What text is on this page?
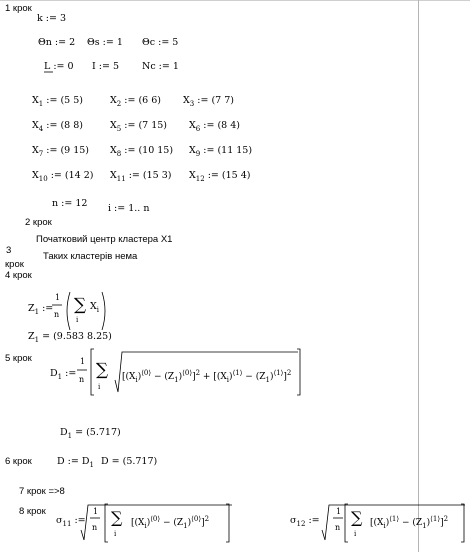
1 крок
2 крок
3
крок
4 крок
5 крок
6 крок
7 крок =>8
8 крок
k := 3
Θn := 2 Θs := 1 Θc := 5
L := 0 I := 5 Nc := 1
$X_1$ := (5 5)	$X_2$ := (6 6) $X_3$ := (7 7)
$X_4$ := (8 8)	$X_5$ := (7 15) $X_6$ := (8 4)
$X_7$ := (9 15) $X_8$ := (10 15) $X_9$ := (11 15)
$X_{10}$ := (14 2) $X_{11}$ := (15 3) $X_{12}$ := (15 4)
n := 12 i := 1.. n
Початковий центр кластера Х1
Таких кластерів нема
$Z_1$ :=
1
n ∑
i
$X_i$
$Z_1 = (9.583$ 8.25)
$D_1$ :=
1
n ∑
i
$[(X_i)^{⟨0⟩} - (Z_1)^{⟨0⟩}]^2 + [(X_i)^{⟨1⟩} - (Z_1)^{⟨1⟩}]^2$
$D_1 = (5.717)$
D := $D_1$ D = (5.717)
$\sigma_{11}$ :=
1
n
∑
i
$[(X_i)^{⟨0⟩} - (Z_1)^{⟨0⟩}]^2$	$\sigma_{12}$ :=
1
n
∑
i
$[(X_i)^{⟨1⟩} - (Z_1)^{⟨1⟩}]^2$
